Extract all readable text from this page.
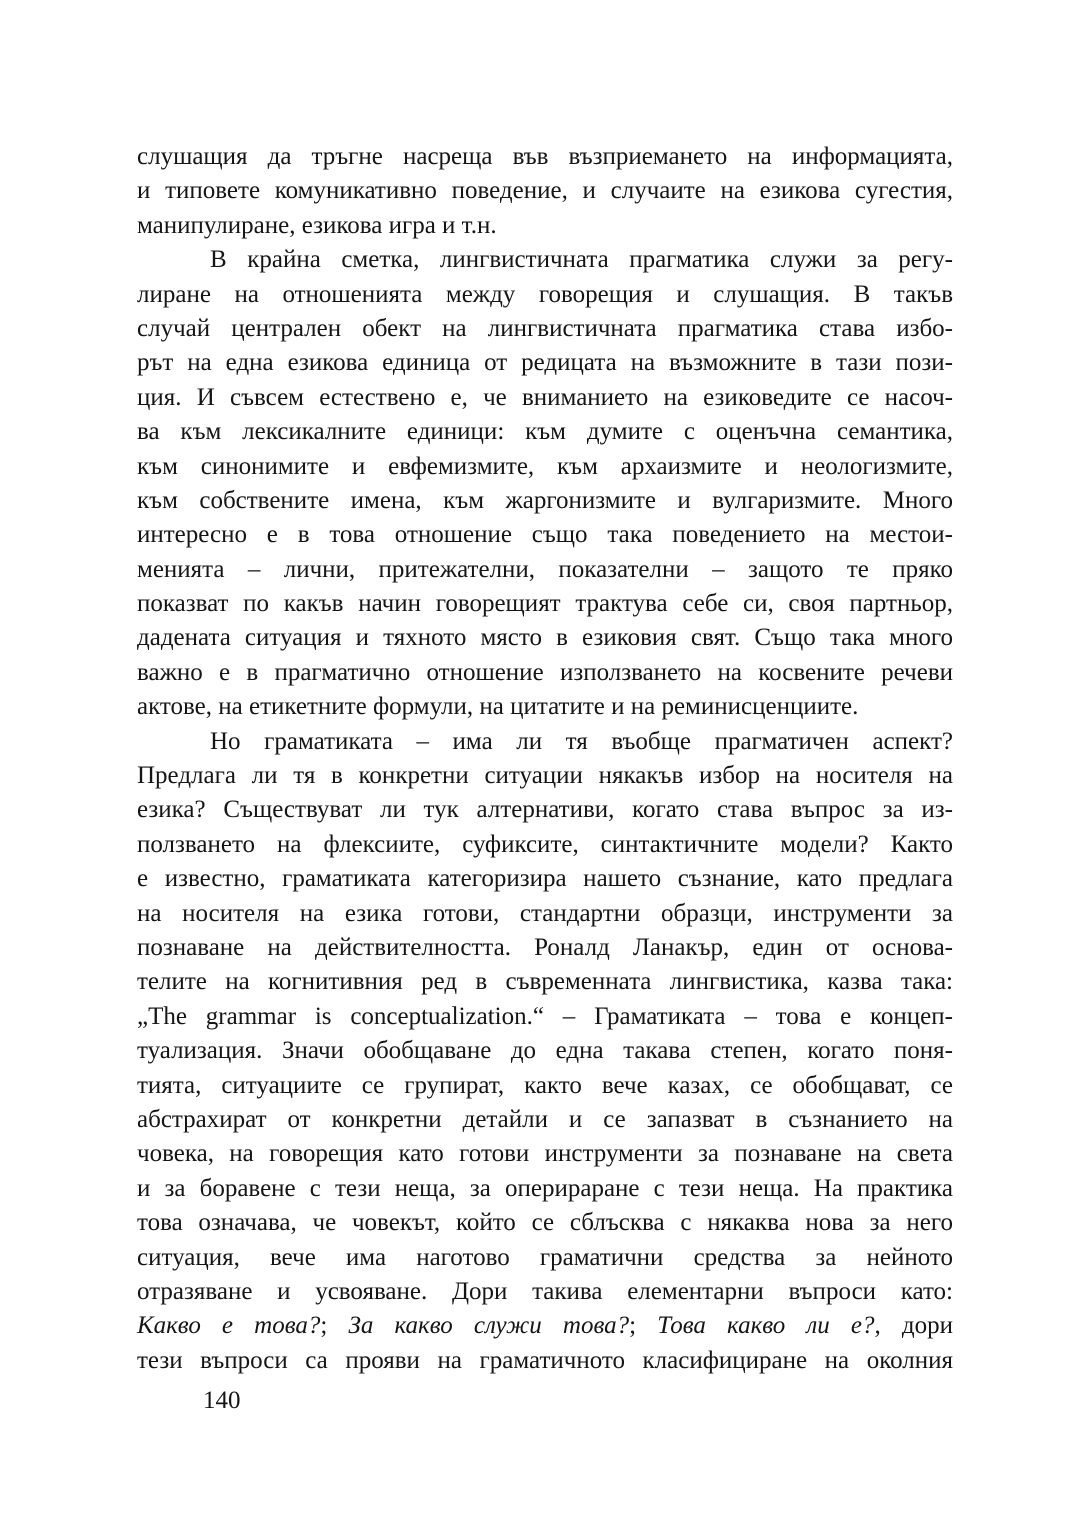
слушащия да тръгне насреща във възприемането на информацията,
и типовете комуникативно поведение, и случаите на езикова сугестия,
манипулиране, езикова игра и т.н.
В крайна сметка, лингвистичната прагматика служи за регу-
лиране на отношенията между говорещия и слушащия. В такъв
случай централен обект на лингвистичната прагматика става избо-
рът на една езикова единица от редицата на възможните в тази пози-
ция. И съвсем естествено е, че вниманието на езиковедите се насоч-
ва към лексикалните единици: към думите с оценъчна семантика,
към синонимите и евфемизмите, към архаизмите и неологизмите,
към собствените имена, към жаргонизмите и вулгаризмите. Много
интересно е в това отношение също така поведението на местои-
менията – лични, притежателни, показателни – защото те пряко
показват по какъв начин говорещият трактува себе си, своя партньор,
дадената ситуация и тяхното място в езиковия свят. Също така много
важно е в прагматично отношение използването на косвените речеви
актове, на етикетните формули, на цитатите и на реминисценциите.
Но граматиката – има ли тя въобще прагматичен аспект?
Предлага ли тя в конкретни ситуации някакъв избор на носителя на
езика? Съществуват ли тук алтернативи, когато става въпрос за из-
ползването на флексиите, суфиксите, синтактичните модели? Както
е известно, граматиката категоризира нашето съзнание, като предлага
на носителя на езика готови, стандартни образци, инструменти за
познаване на действителността. Роналд Ланакър, един от основа-
телите на когнитивния ред в съвременната лингвистика, казва така:
„The grammar is conceptualization.“ – Граматиката – това е концеп-
туализация. Значи обобщаване до една такава степен, когато поня-
тията, ситуациите се групират, както вече казах, се обобщават, се
абстрахират от конкретни детайли и се запазват в съзнанието на
човека, на говорещия като готови инструменти за познаване на света
и за боравене с тези неща, за оперираране с тези неща. На практика
това означава, че човекът, който се сблъсква с някаква нова за него
ситуация, вече има наготово граматични средства за нейното
отразяване и усвояване. Дори такива елементарни въпроси като:
Какво е това?; За какво служи това?; Това какво ли е?, дори
тези въпроси са прояви на граматичното класифициране на околния
140
